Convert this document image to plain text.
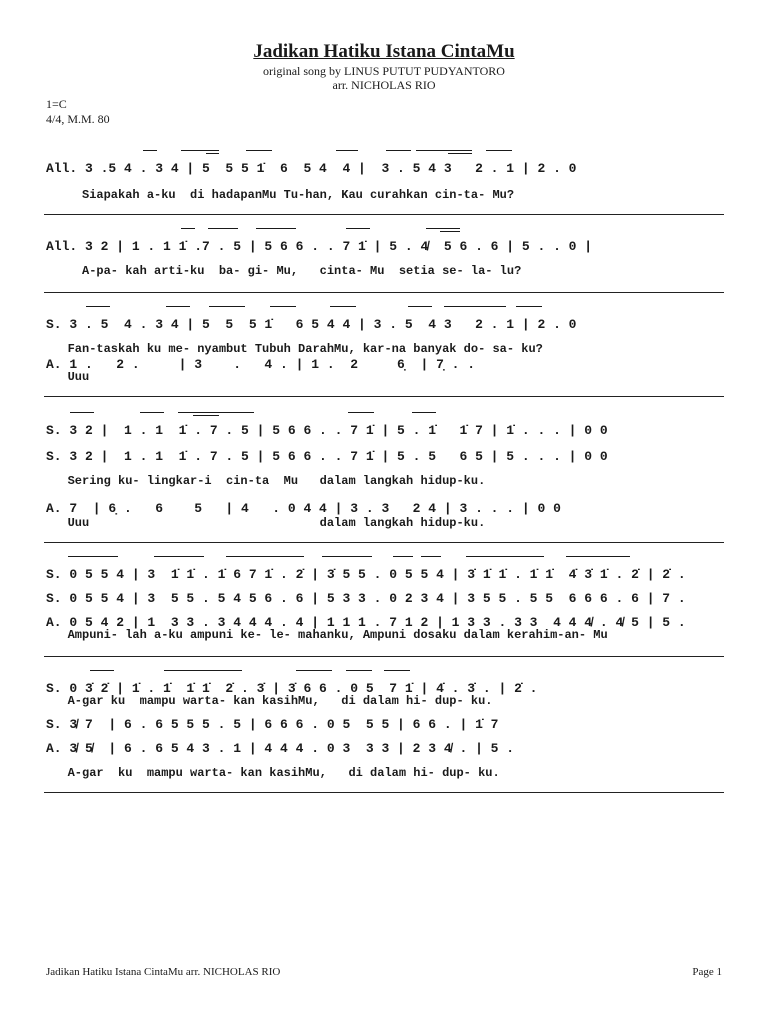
Jadikan Hatiku Istana CintaMu
original song by LINUS PUTUT PUDYANTORO
arr. NICHOLAS RIO
1=C
4/4, M.M. 80
All. 3 .5 4 . 3 4 | 5  5 5 1̇  6  5 4  4 |  3 . 5 4 3   2 . 1 | 2 . 0
Siapakah a-ku  di hadapanMu Tu-han, Kau curahkan cin-ta- Mu?
All. 3 2 | 1 . 1 1̇ .7 . 5 | 5 6 6 . . 7 1̇ | 5 . 4̸  5 6 . 6 | 5 . . 0 |
A-pa- kah arti-ku  ba- gi- Mu,   cinta- Mu  setia se- la- lu?
S. 3 . 5  4 . 3 4 | 5  5  5 1̇   6 5 4 4 | 3 . 5  4 3   2 . 1 | 2 . 0
Fan-taskah ku me- nyambut Tubuh DarahMu, kar-na banyak do- sa- ku?
A. 1 .   2 .     | 3    .   4 . | 1 .  2     6̣  | 7̣ . .
Uuu
S. 3 2 |  1 . 1  1̇ . 7 . 5 | 5 6 6 . . 7 1̇ | 5 . 1̇   1̇ 7 | 1̇ . . . | 0 0
S. 3 2 |  1 . 1  1̇ . 7 . 5 | 5 6 6 . . 7 1̇ | 5 . 5   6 5 | 5 . . . | 0 0
Sering ku- lingkar-i  cin-ta  Mu   dalam langkah hidup-ku.
A. 7  | 6̣ .   6    5   | 4   . 0 4 4 | 3 . 3   2 4 | 3 . . . | 0 0
Uuu                                dalam langkah hidup-ku.
S. 0 5 5 4 | 3  1̇ 1̇ . 1̇ 6 7 1̇ . 2̇ | 3̇ 5 5 . 0 5 5 4 | 3̇ 1̇ 1̇ . 1̇ 1̇  4̇ 3̇ 1̇ . 2̇ | 2̇ .
S. 0 5 5 4 | 3  5 5 . 5 4 5 6 . 6 | 5 3 3 . 0 2 3 4 | 3 5 5 . 5 5  6 6 6 . 6 | 7 .
A. 0 5 4 2 | 1  3 3 . 3 4 4 4 . 4 | 1 1 1 . 7 1 2 | 1 3 3 . 3 3  4 4 4̸ . 4̸ 5 | 5 .
Ampuni- lah a-ku ampuni ke- le- mahanku, Ampuni dosaku dalam kerahim-an- Mu
S. 0 3̇ 2̇ | 1̇ . 1̇  1̇ 1̇  2̇ . 3̇ | 3̇ 6 6 . 0 5  7 1̇ | 4̇ . 3̇ . | 2̇ .
A-gar ku  mampu warta- kan kasihMu,   di dalam hi- dup- ku.
S. 3̸ 7  | 6 . 6 5 5 5 . 5 | 6 6 6 . 0 5  5 5 | 6 6 . | 1̇ 7
A. 3̸ 5̸  | 6 . 6 5 4 3 . 1 | 4 4 4 . 0 3  3 3 | 2 3 4̸ . | 5 .
A-gar  ku  mampu warta- kan kasihMu,   di dalam hi- dup- ku.
Jadikan Hatiku Istana CintaMu arr. NICHOLAS RIO	Page 1
